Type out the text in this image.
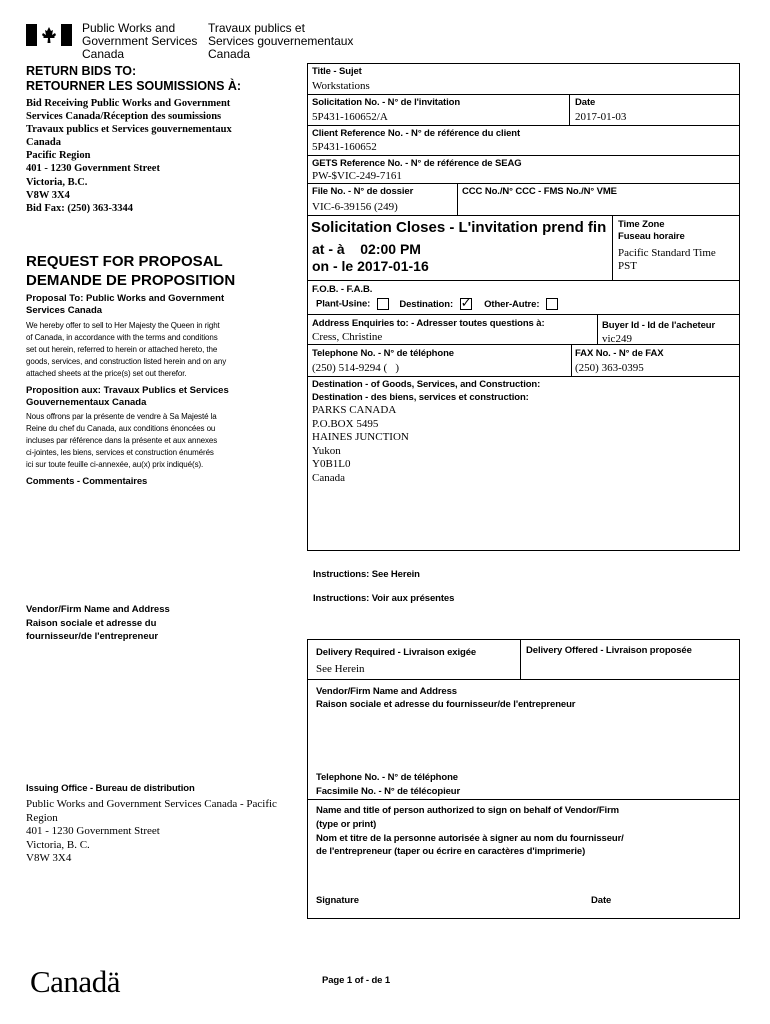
Public Works and
Government Services
Canada
Travaux publics et
Services gouvernementaux
Canada
RETURN BIDS TO:
RETOURNER LES SOUMISSIONS À:
Bid Receiving Public Works and Government
Services Canada/Réception des soumissions
Travaux publics et Services gouvernementaux
Canada
Pacific Region
401 - 1230 Government Street
Victoria, B.C.
V8W 3X4
Bid Fax: (250) 363-3344
REQUEST FOR PROPOSAL
DEMANDE DE PROPOSITION
Proposal To: Public Works and Government
Services Canada
We hereby offer to sell to Her Majesty the Queen in right
of Canada, in accordance with the terms and conditions
set out herein, referred to herein or attached hereto, the
goods, services, and construction listed herein and on any
attached sheets at the price(s) set out therefor.
Proposition aux: Travaux Publics et Services
Gouvernementaux Canada
Nous offrons par la présente de vendre à Sa Majesté la
Reine du chef du Canada, aux conditions énoncées ou
incluses par référence dans la présente et aux annexes
ci-jointes, les biens, services et construction énumérés
ici sur toute feuille ci-annexée, au(x) prix indiqué(s).
Comments - Commentaires
Vendor/Firm Name and Address
Raison sociale et adresse du
fournisseur/de l'entrepreneur
Issuing Office - Bureau de distribution
Public Works and Government Services Canada - Pacific
Region
401 - 1230 Government Street
Victoria, B. C.
V8W 3X4
Title - Sujet
Workstations
Solicitation No. - N° de l'invitation
5P431-160652/A
Date
2017-01-03
Client Reference No. - N° de référence du client
5P431-160652
GETS Reference No. - N° de référence de SEAG
PW-$VIC-249-7161
File No. - N° de dossier
VIC-6-39156 (249)
CCC No./N° CCC - FMS No./N° VME
Solicitation Closes - L'invitation prend fin
at - à 02:00 PM
on - le 2017-01-16
Time Zone
Fuseau horaire
Pacific Standard Time
PST
F.O.B. - F.A.B.
Plant-Usine:	Destination: ✓ Other-Autre:
Address Enquiries to: - Adresser toutes questions à:
Cress, Christine
Buyer Id - Id de l'acheteur
vic249
Telephone No. - N° de téléphone
(250) 514-9294 (   )
FAX No. - N° de FAX
(250) 363-0395
Destination - of Goods, Services, and Construction:
Destination - des biens, services et construction:
PARKS CANADA
P.O.BOX 5495
HAINES JUNCTION
Yukon
Y0B1L0
Canada
Instructions: See Herein
Instructions: Voir aux présentes
Delivery Required - Livraison exigée
See Herein
Delivery Offered - Livraison proposée
Vendor/Firm Name and Address
Raison sociale et adresse du fournisseur/de l'entrepreneur
Telephone No. - N° de téléphone
Facsimile No. - N° de télécopieur
Name and title of person authorized to sign on behalf of Vendor/Firm
(type or print)
Nom et titre de la personne autorisée à signer au nom du fournisseur/
de l'entrepreneur (taper ou écrire en caractères d'imprimerie)
Signature	Date
Canadä	Page 1 of - de 1
